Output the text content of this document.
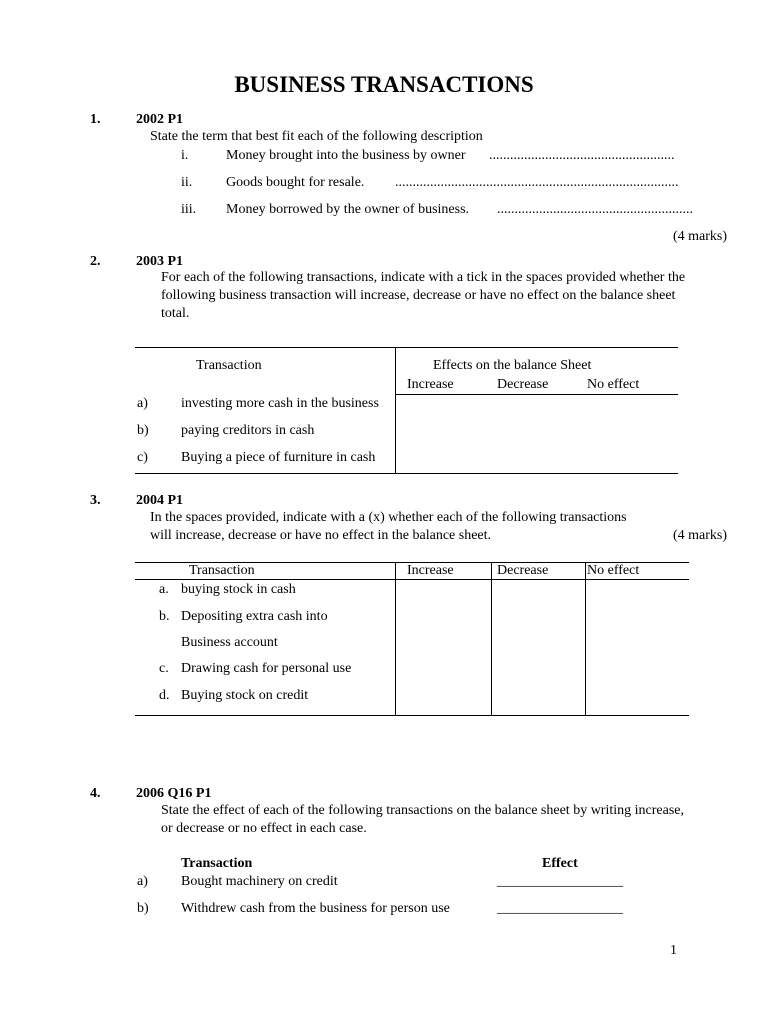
BUSINESS TRANSACTIONS
1.	2002 P1
State the term that best fit each of the following description
i.	Money brought into the business by owner .....................................................
ii. Goods bought for resale. .................................................................................
iii. Money borrowed by the owner of business. ........................................................
(4 marks)
2.	2003 P1
For each of the following transactions, indicate with a tick in the spaces provided whether the
following business transaction will increase, decrease or have no effect on the balance sheet
total.
Transaction	Effects on the balance Sheet
Increase	Decrease	No effect
a) investing more cash in the business
b) paying creditors in cash
c) Buying a piece of furniture in cash
3.	2004 P1
In the spaces provided, indicate with a (x) whether each of the following transactions
will increase, decrease or have no effect in the balance sheet.	(4 marks)
Transaction	Increase	Decrease	No effect
a. buying stock in cash
b. Depositing extra cash into
Business account
c. Drawing cash for personal use
d. Buying stock on credit
4.	2006 Q16 P1
State the effect of each of the following transactions on the balance sheet by writing increase,
or decrease or no effect in each case.
Transaction	Effect
a) Bought machinery on credit	__________________
b) Withdrew cash from the business for person use	__________________
1
